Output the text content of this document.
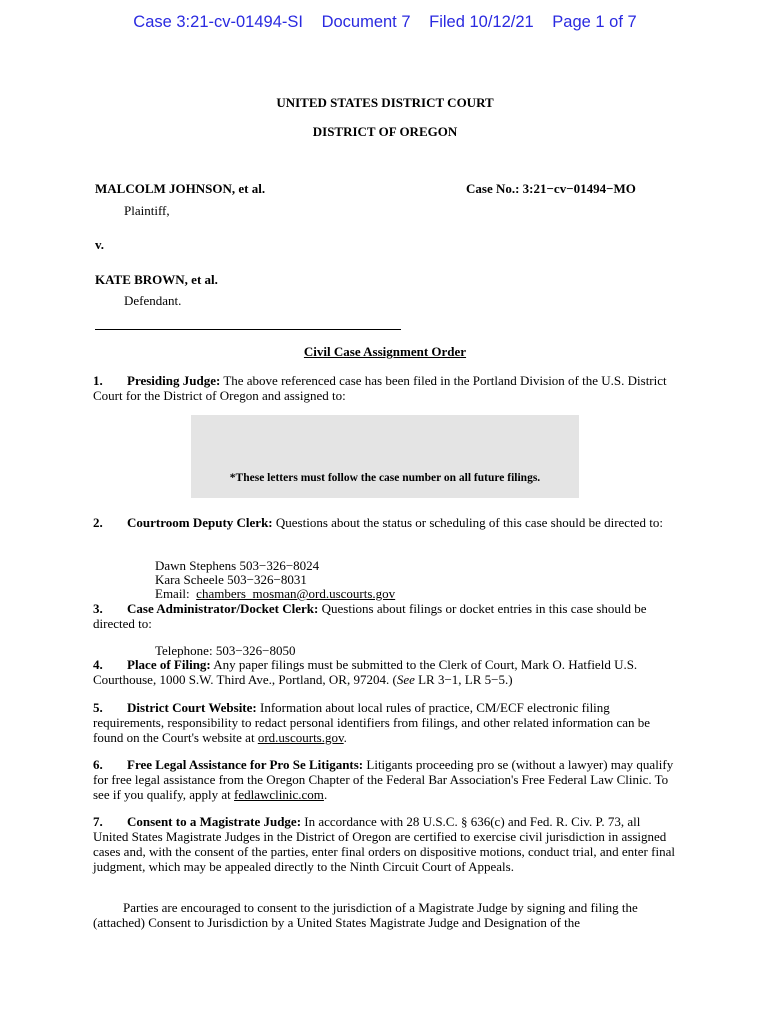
Case 3:21-cv-01494-SI Document 7 Filed 10/12/21 Page 1 of 7
UNITED STATES DISTRICT COURT
DISTRICT OF OREGON
MALCOLM JOHNSON, et al.
Plaintiff,
v.
KATE BROWN, et al.
Defendant.
Case No.: 3:21−cv−01494−MO
Civil Case Assignment Order
1. Presiding Judge: The above referenced case has been filed in the Portland Division of the U.S. District Court for the District of Oregon and assigned to:
*These letters must follow the case number on all future filings.
2. Courtroom Deputy Clerk: Questions about the status or scheduling of this case should be directed to:
Dawn Stephens 503−326−8024
Kara Scheele 503−326−8031
Email: chambers_mosman@ord.uscourts.gov
3. Case Administrator/Docket Clerk: Questions about filings or docket entries in this case should be directed to:
Telephone: 503−326−8050
4. Place of Filing: Any paper filings must be submitted to the Clerk of Court, Mark O. Hatfield U.S. Courthouse, 1000 S.W. Third Ave., Portland, OR, 97204. (See LR 3−1, LR 5−5.)
5. District Court Website: Information about local rules of practice, CM/ECF electronic filing requirements, responsibility to redact personal identifiers from filings, and other related information can be found on the Court's website at ord.uscourts.gov.
6. Free Legal Assistance for Pro Se Litigants: Litigants proceeding pro se (without a lawyer) may qualify for free legal assistance from the Oregon Chapter of the Federal Bar Association's Free Federal Law Clinic. To see if you qualify, apply at fedlawclinic.com.
7. Consent to a Magistrate Judge: In accordance with 28 U.S.C. § 636(c) and Fed. R. Civ. P. 73, all United States Magistrate Judges in the District of Oregon are certified to exercise civil jurisdiction in assigned cases and, with the consent of the parties, enter final orders on dispositive motions, conduct trial, and enter final judgment, which may be appealed directly to the Ninth Circuit Court of Appeals.
Parties are encouraged to consent to the jurisdiction of a Magistrate Judge by signing and filing the (attached) Consent to Jurisdiction by a United States Magistrate Judge and Designation of the
